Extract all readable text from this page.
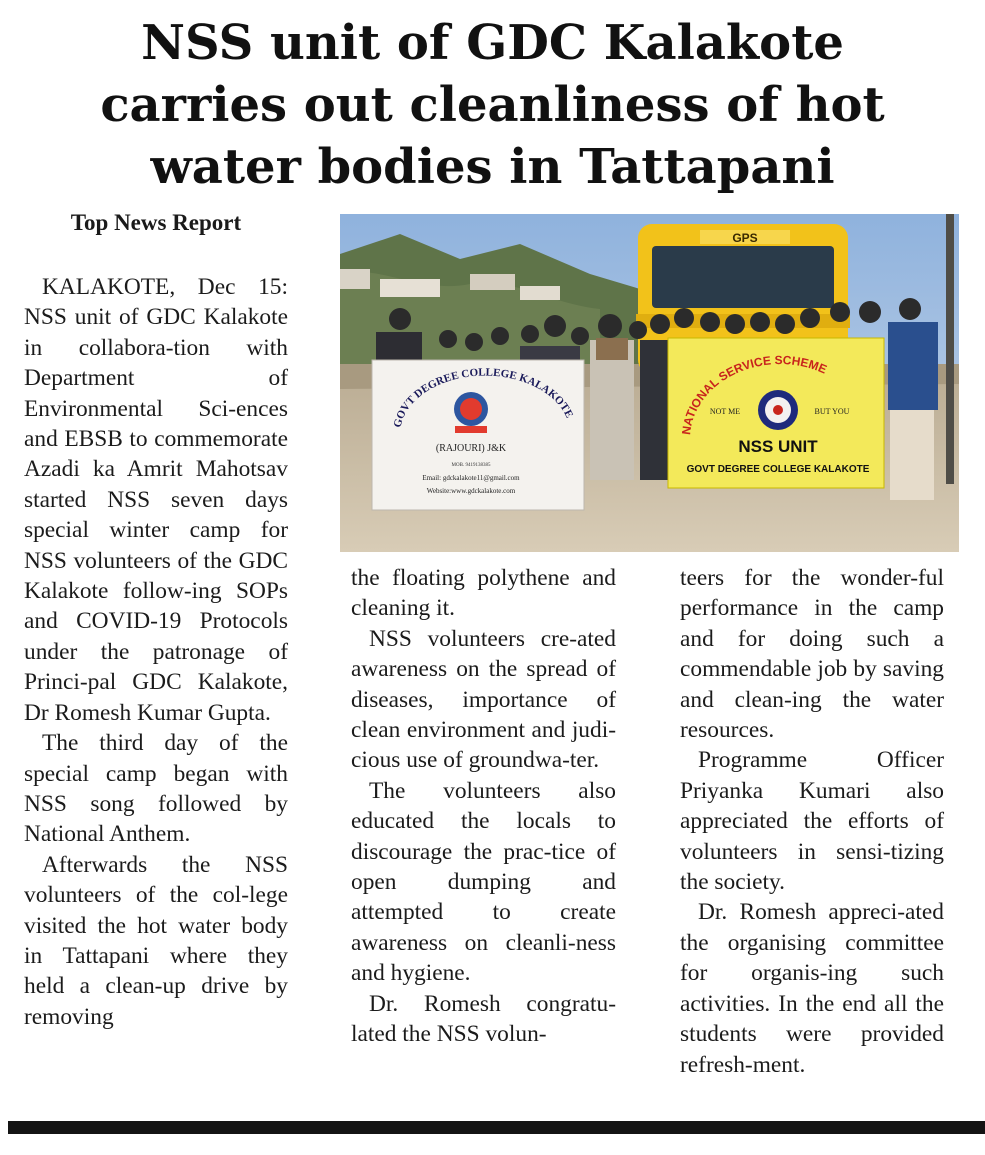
NSS unit of GDC Kalakote
carries out cleanliness of hot
water bodies in Tattapani
Top News Report

KALAKOTE, Dec 15: NSS unit of GDC Kalakote in collabora-tion with Department of Environmental Sci-ences and EBSB to commemorate Azadi ka Amrit Mahotsav started NSS seven days special winter camp for NSS volunteers of the GDC Kalakote follow-ing SOPs and COVID-19 Protocols under the patronage of Princi-pal GDC Kalakote, Dr Romesh Kumar Gupta.

The third day of the special camp began with NSS song followed by National Anthem.

Afterwards the NSS volunteers of the col-lege visited the hot water body in Tattapani where they held a clean-up drive by removing

GPS
GOVT DEGREE COLLEGE KALAKOTE
(RAJOURI) J&K
MOB. 9419138385
Email: gdckalakote11@gmail.com
Website:www.gdckalakote.com
NATIONAL SERVICE SCHEME
NOT ME	BUT YOU
NSS UNIT
GOVT DEGREE COLLEGE KALAKOTE

the floating polythene and cleaning it.

NSS volunteers cre-ated awareness on the spread of diseases, importance of clean environment and judi-cious use of groundwa-ter.

The volunteers also educated the locals to discourage the prac-tice of open dumping and attempted to create awareness on cleanli-ness and hygiene.

Dr. Romesh congratu-lated the NSS volun-

teers for the wonder-ful performance in the camp and for doing such a commendable job by saving and clean-ing the water resources.

Programme Officer Priyanka Kumari also appreciated the efforts of volunteers in sensi-tizing the society.

Dr. Romesh appreci-ated the organising committee for organis-ing such activities. In the end all the students were provided refresh-ment.
